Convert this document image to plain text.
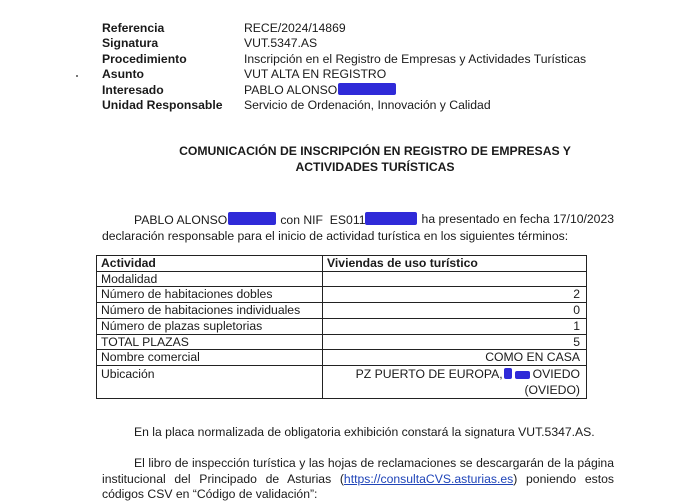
Referencia	RECE/2024/14869
Signatura	VUT.5347.AS
Procedimiento	Inscripción en el Registro de Empresas y Actividades Turísticas
Asunto	VUT ALTA EN REGISTRO
Interesado	PABLO ALONSO
Unidad Responsable	Servicio de Ordenación, Innovación y Calidad
COMUNICACIÓN DE INSCRIPCIÓN EN REGISTRO DE EMPRESAS Y ACTIVIDADES TURÍSTICAS
PABLO ALONSO	con NIF ES011	ha presentado en fecha 17/10/2023
declaración responsable para el inicio de actividad turística en los siguientes términos:
Actividad	Viviendas de uso turístico
Modalidad	
Número de habitaciones dobles	2
Número de habitaciones individuales	0
Número de plazas supletorias	1
TOTAL PLAZAS	5
Nombre comercial	COMO EN CASA
Ubicación	PZ PUERTO DE EUROPA, OVIEDO
(OVIEDO)
En la placa normalizada de obligatoria exhibición constará la signatura VUT.5347.AS.
El libro de inspección turística y las hojas de reclamaciones se descargarán de la página institucional del Principado de Asturias (https://consultaCVS.asturias.es) poniendo estos códigos CSV en “Código de validación”:
